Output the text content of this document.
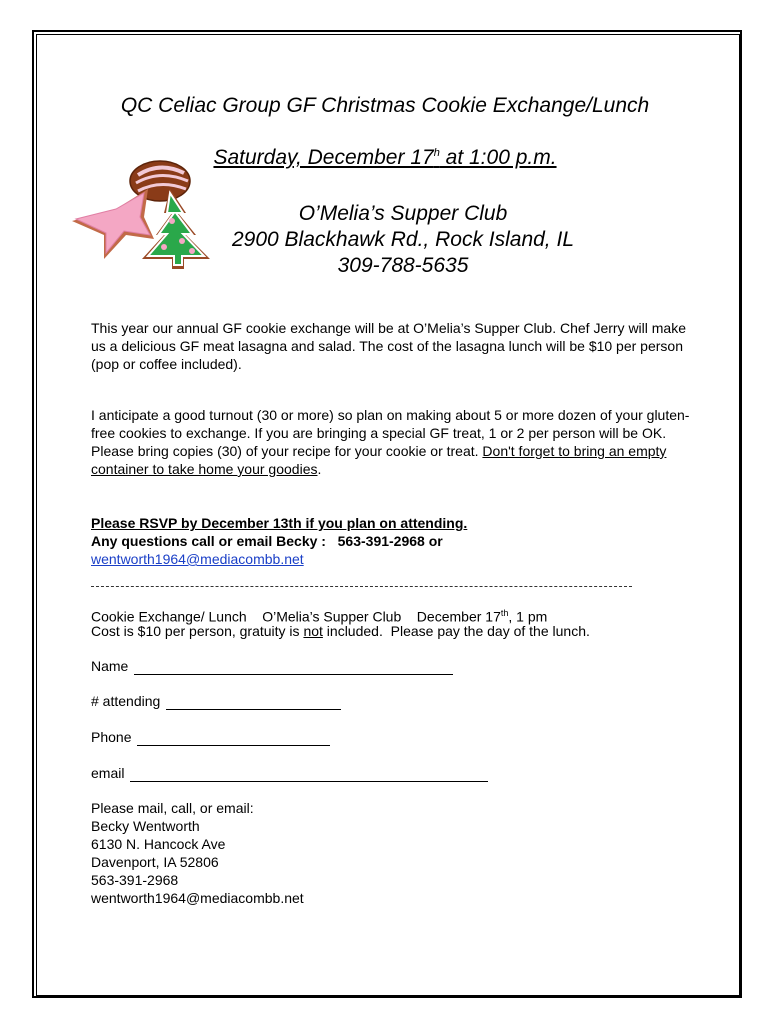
QC Celiac Group GF Christmas Cookie Exchange/Lunch
Saturday, December 17$^h$ at 1:00 p.m.
O’Melia’s Supper Club
2900 Blackhawk Rd., Rock Island, IL
309-788-5635

This year our annual GF cookie exchange will be at O’Melia’s Supper Club. Chef Jerry will make us a delicious GF meat lasagna and salad. The cost of the lasagna lunch will be $10 per person (pop or coffee included).

I anticipate a good turnout (30 or more) so plan on making about 5 or more dozen of your gluten-free cookies to exchange. If you are bringing a special GF treat, 1 or 2 per person will be OK. Please bring copies (30) of your recipe for your cookie or treat. Don't forget to bring an empty container to take home your goodies.

Please RSVP by December 13th if you plan on attending.
Any questions call or email Becky :   563-391-2968 or
wentworth1964@mediacombb.net
Cookie Exchange/ Lunch    O’Melia’s Supper Club    December 17th, 1 pm
Cost is $10 per person, gratuity is not included.  Please pay the day of the lunch.
Name
# attending
Phone
email
Please mail, call, or email:
Becky Wentworth
6130 N. Hancock Ave
Davenport, IA 52806
563-391-2968
wentworth1964@mediacombb.net
